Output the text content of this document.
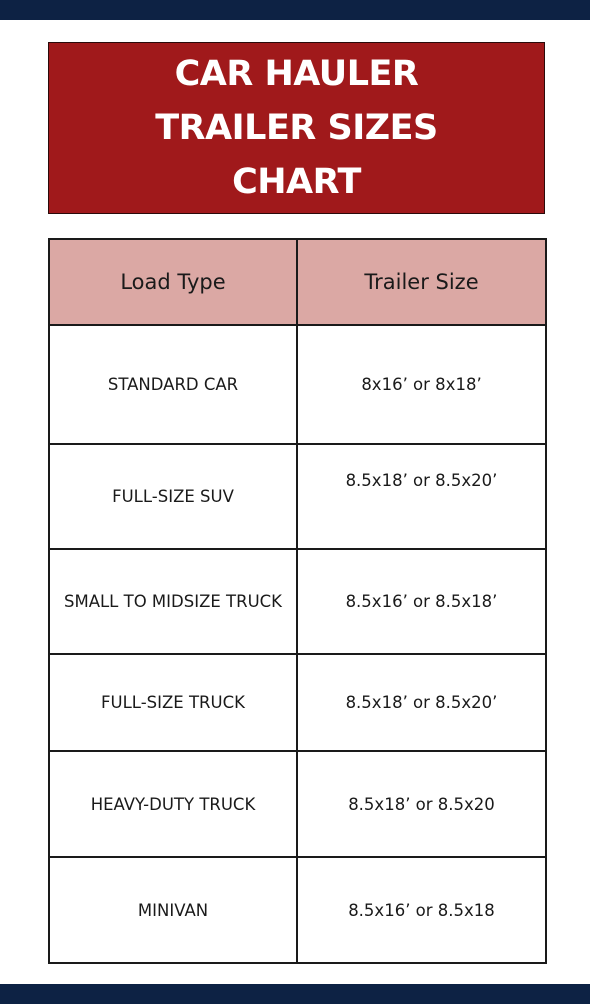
CAR HAULER
TRAILER SIZES
CHART
Load Type	Trailer Size
STANDARD CAR	8x16’ or 8x18’
FULL-SIZE SUV	8.5x18’ or 8.5x20’
SMALL TO MIDSIZE TRUCK	8.5x16’ or 8.5x18’
FULL-SIZE TRUCK	8.5x18’ or 8.5x20’
HEAVY-DUTY TRUCK	8.5x18’ or 8.5x20
MINIVAN	8.5x16’ or 8.5x18
